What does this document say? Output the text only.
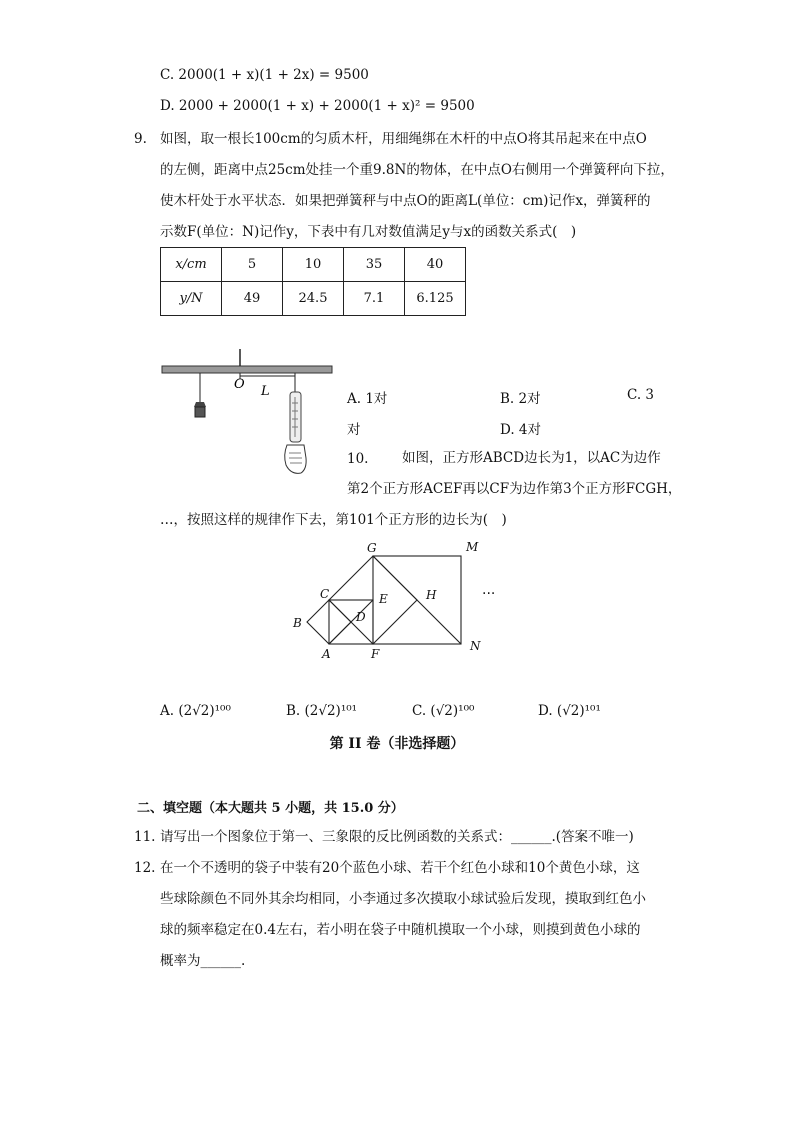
C. 2000(1 + x)(1 + 2x) = 9500
D. 2000 + 2000(1 + x) + 2000(1 + x)² = 9500
9. 如图，取一根长100cm的匀质木杆，用细绳绑在木杆的中点O将其吊起来在中点O
的左侧，距离中点25cm处挂一个重9.8N的物体，在中点O右侧用一个弹簧秤向下拉，
使木杆处于水平状态．如果把弹簧秤与中点O的距离L(单位：cm)记作x，弹簧秤的
示数F(单位：N)记作y，下表中有几对数值满足y与x的函数关系式(　)
x/cm	5	10	35	40
y/N	49	24.5	7.1	6.125
O L	A. 1对	B. 2对	C. 3
对	D. 4对
10. 如图，正方形ABCD边长为1，以AC为边作
第2个正方形ACEF再以CF为边作第3个正方形FCGH，
…，按照这样的规律作下去，第101个正方形的边长为(　)
C
B
A
D
E
F
G
H
M
N
···
A. (2√2)¹⁰⁰	B. (2√2)¹⁰¹	C. (√2)¹⁰⁰	D. (√2)¹⁰¹
第 II 卷（非选择题）
二、填空题（本大题共 5 小题，共 15.0 分）
11. 请写出一个图象位于第一、三象限的反比例函数的关系式：______.(答案不唯一)
12. 在一个不透明的袋子中装有20个蓝色小球、若干个红色小球和10个黄色小球，这
些球除颜色不同外其余均相同，小李通过多次摸取小球试验后发现，摸取到红色小
球的频率稳定在0.4左右，若小明在袋子中随机摸取一个小球，则摸到黄色小球的
概率为______.
